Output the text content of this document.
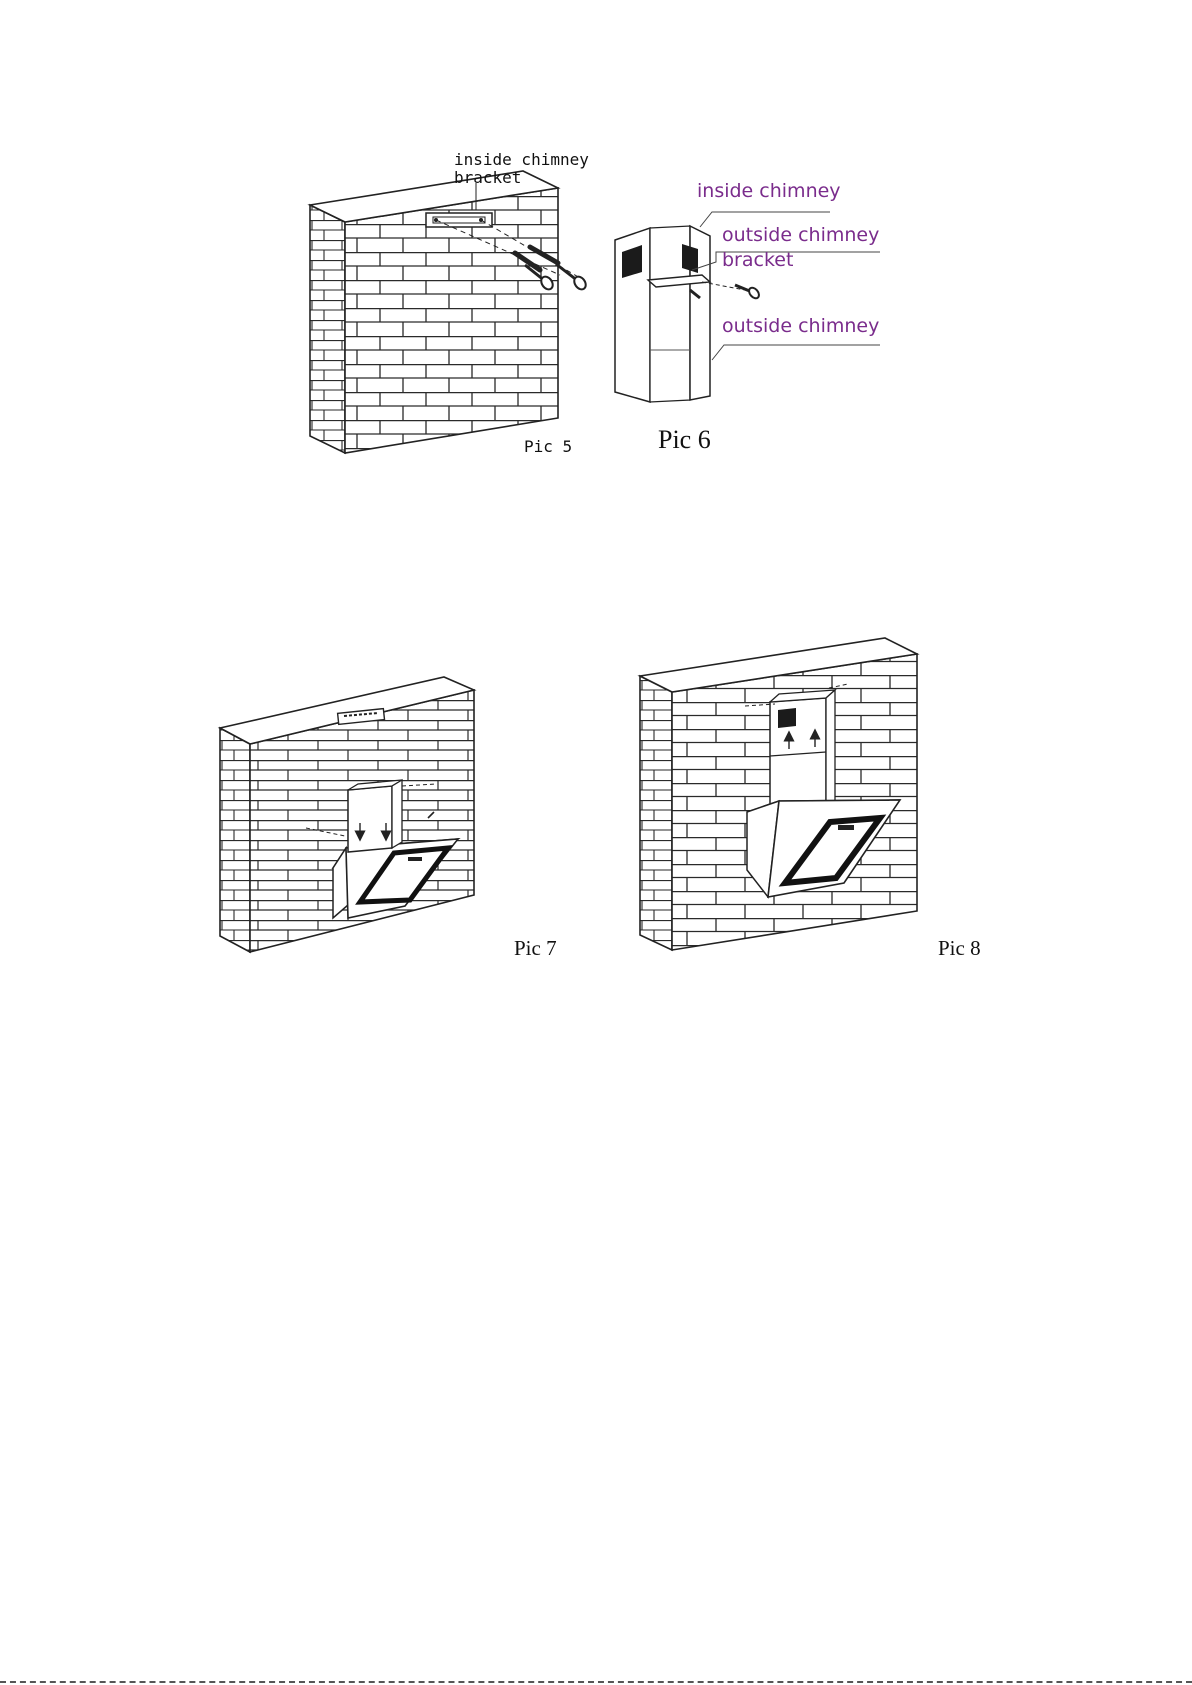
inside chimney
bracket
Pic 5
inside chimney
outside chimney
bracket
outside chimney
Pic 6
Pic 7	Pic 8
